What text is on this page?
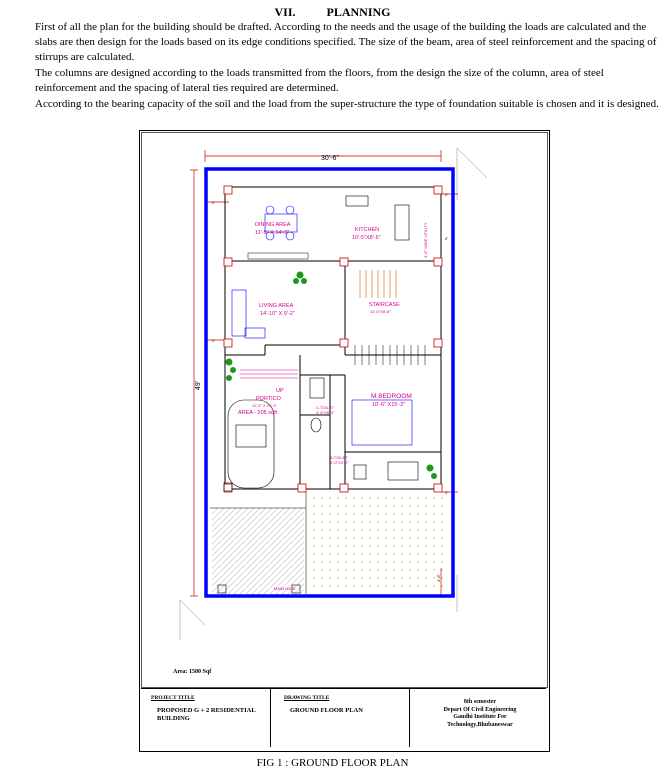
VII.	PLANNING

First of all the plan for the building should be drafted. According to the needs and the usage of the building the loads are calculated and the slabs are then design for the loads based on its edge conditions specified. The size of the beam, area of steel reinforcement and the spacing of stirrups are calculated.

The columns are designed according to the loads transmitted from the floors, from the design the size of the column, area of steel reinforcement and the spacing of lateral ties required are determined.

According to the bearing capacity of the soil and the load from the super-structure the type of foundation suitable is chosen and it is designed.

30'-6"
49'
2'
2'
2'
2'
2'
4'-6"
DINING AREA
11'-9" X 14'-5"	KITCHEN
10'-5"X8'-6"	3'-6" WIDE UTILITY
LIVING AREA
14'-10" X 9'-2"
STAIRCASE
12'-5"X8'-8"
UP
PORTICO
11'-0" X 14'-2"
AREA - 205 sqft
C.TOILET
4'-6"X8'-0"
M.BEDROOM
10'-6" X15'-2"
A.TOILET
5'-0"X4'-0"
MAIN GATE
Area: 1500 Sqf
PROJECT TITLE
PROPOSED G + 2 RESIDENTIAL BUILDING
DRAWING TITLE
GROUND FLOOR PLAN
8th semester
Depart Of Civil Engineering
Gandhi Institute For
Technology,Bhubaneswar
FIG 1 : GROUND FLOOR PLAN
